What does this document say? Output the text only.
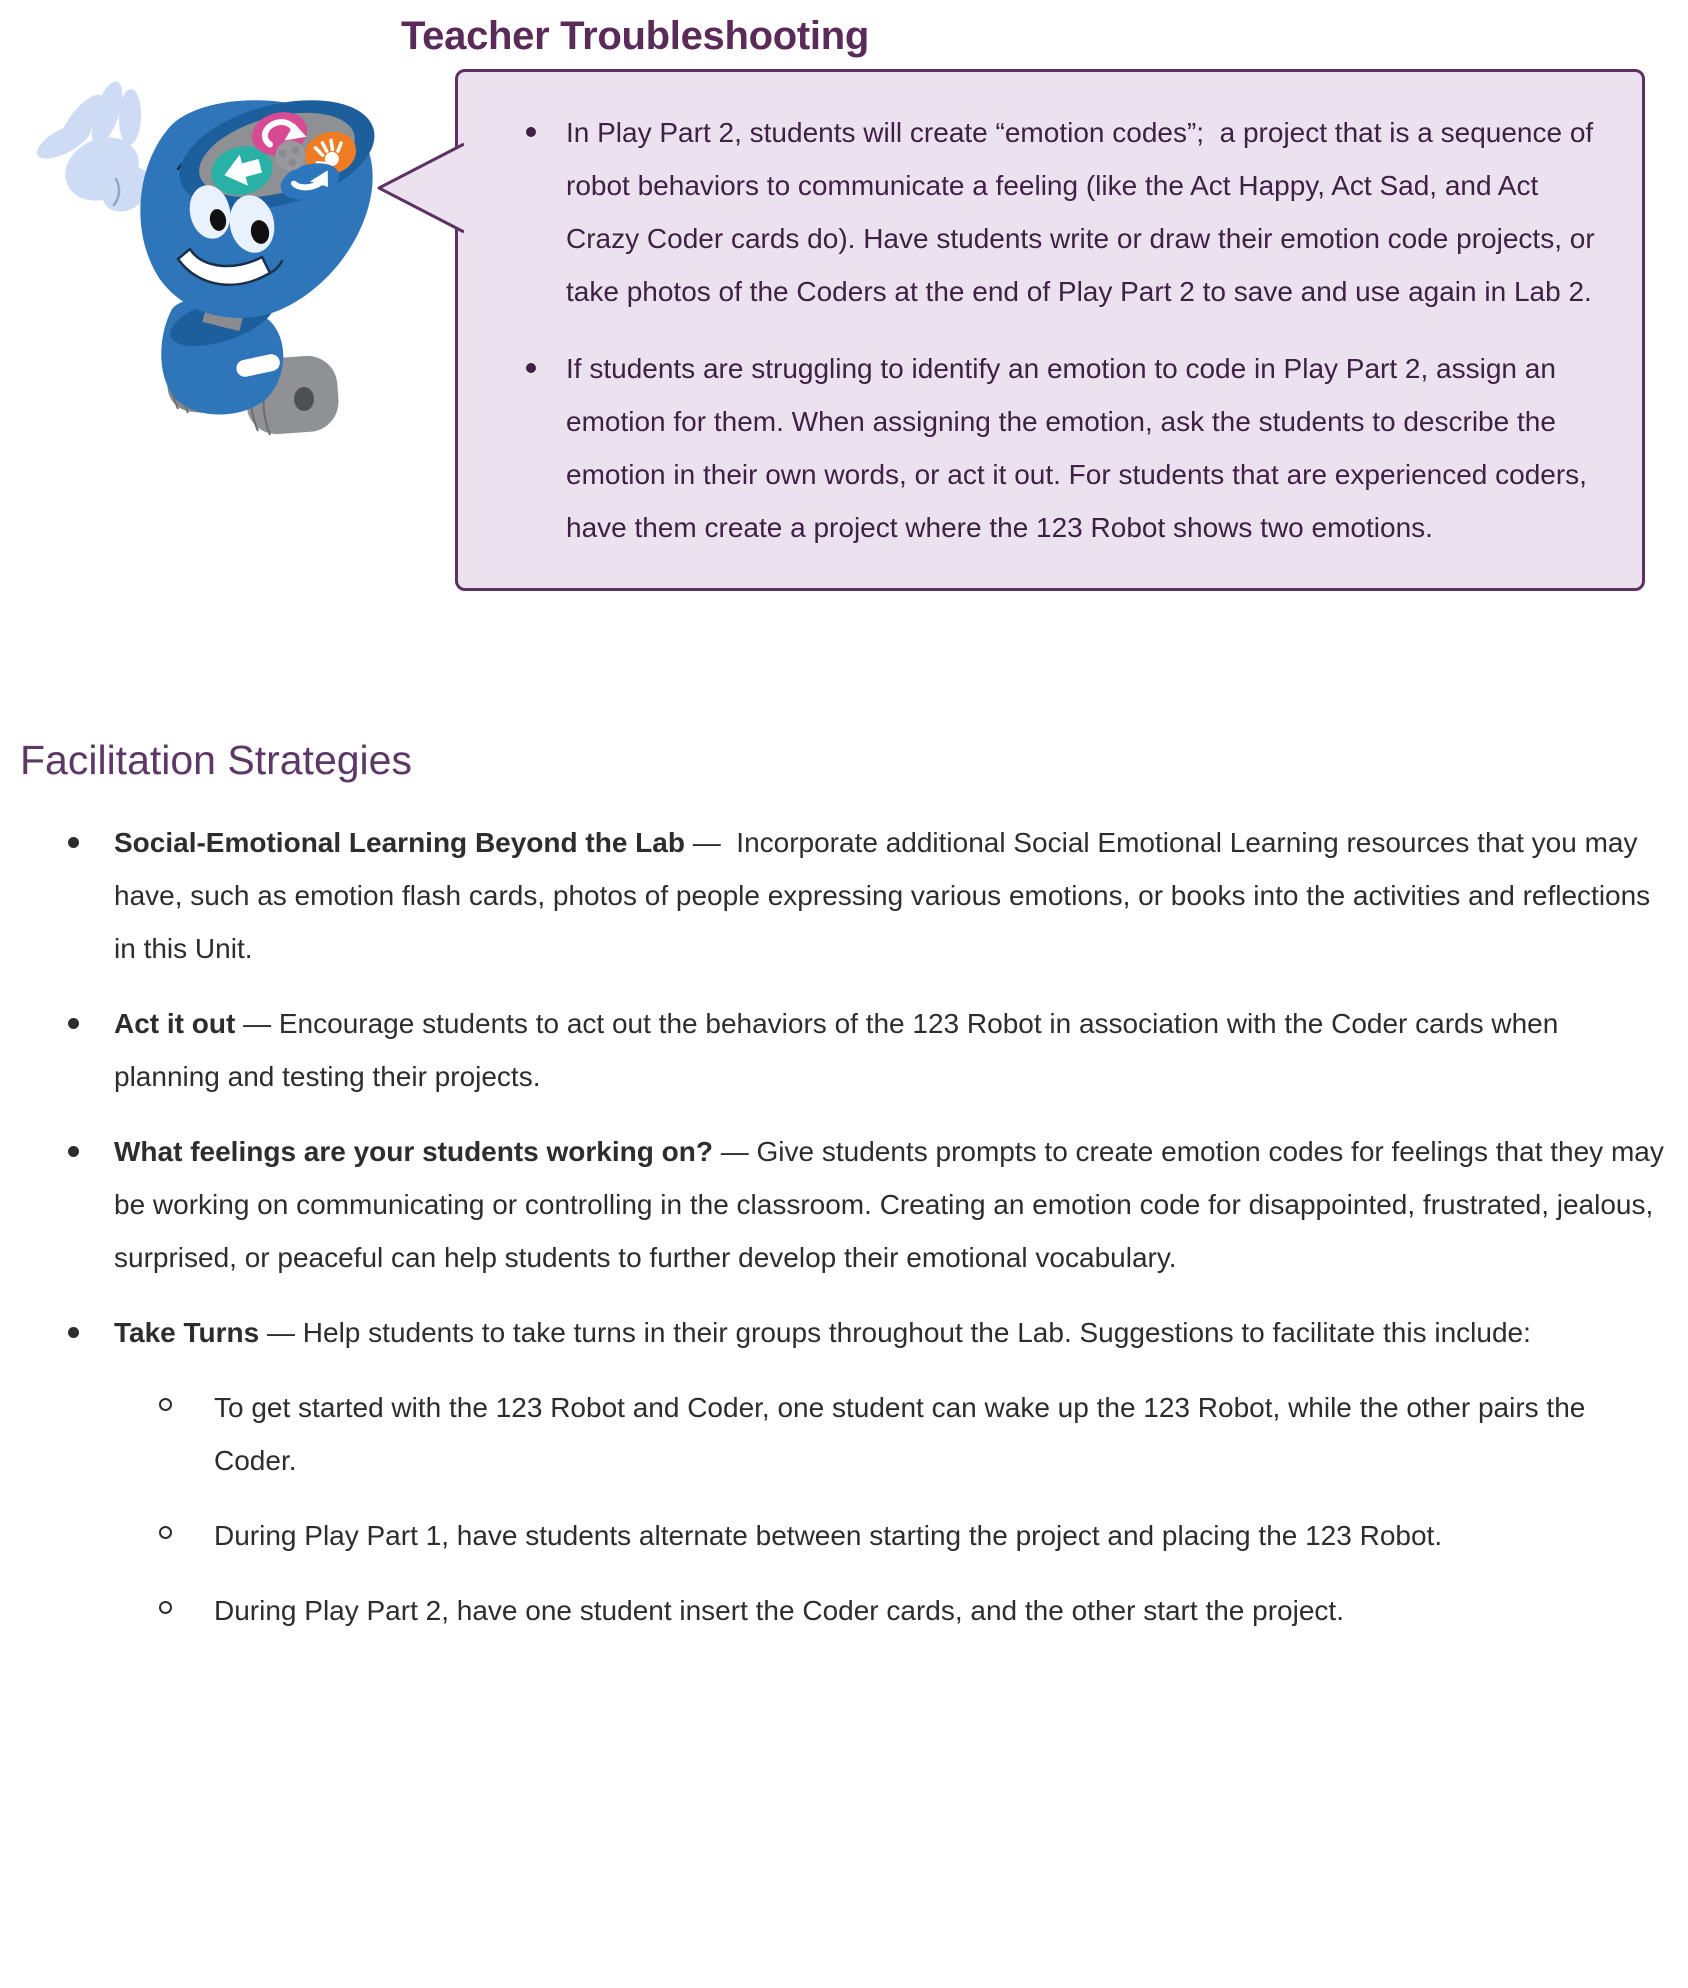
Teacher Troubleshooting
In Play Part 2, students will create “emotion codes”;  a project that is a sequence of robot behaviors to communicate a feeling (like the Act Happy, Act Sad, and Act Crazy Coder cards do). Have students write or draw their emotion code projects, or take photos of the Coders at the end of Play Part 2 to save and use again in Lab 2.
If students are struggling to identify an emotion to code in Play Part 2, assign an emotion for them. When assigning the emotion, ask the students to describe the emotion in their own words, or act it out. For students that are experienced coders, have them create a project where the 123 Robot shows two emotions.
Facilitation Strategies
Social-Emotional Learning Beyond the Lab —  Incorporate additional Social Emotional Learning resources that you may have, such as emotion flash cards, photos of people expressing various emotions, or books into the activities and reflections in this Unit.
Act it out — Encourage students to act out the behaviors of the 123 Robot in association with the Coder cards when planning and testing their projects.
What feelings are your students working on? — Give students prompts to create emotion codes for feelings that they may be working on communicating or controlling in the classroom. Creating an emotion code for disappointed, frustrated, jealous, surprised, or peaceful can help students to further develop their emotional vocabulary.
Take Turns — Help students to take turns in their groups throughout the Lab. Suggestions to facilitate this include:
To get started with the 123 Robot and Coder, one student can wake up the 123 Robot, while the other pairs the Coder.
During Play Part 1, have students alternate between starting the project and placing the 123 Robot.
During Play Part 2, have one student insert the Coder cards, and the other start the project.
